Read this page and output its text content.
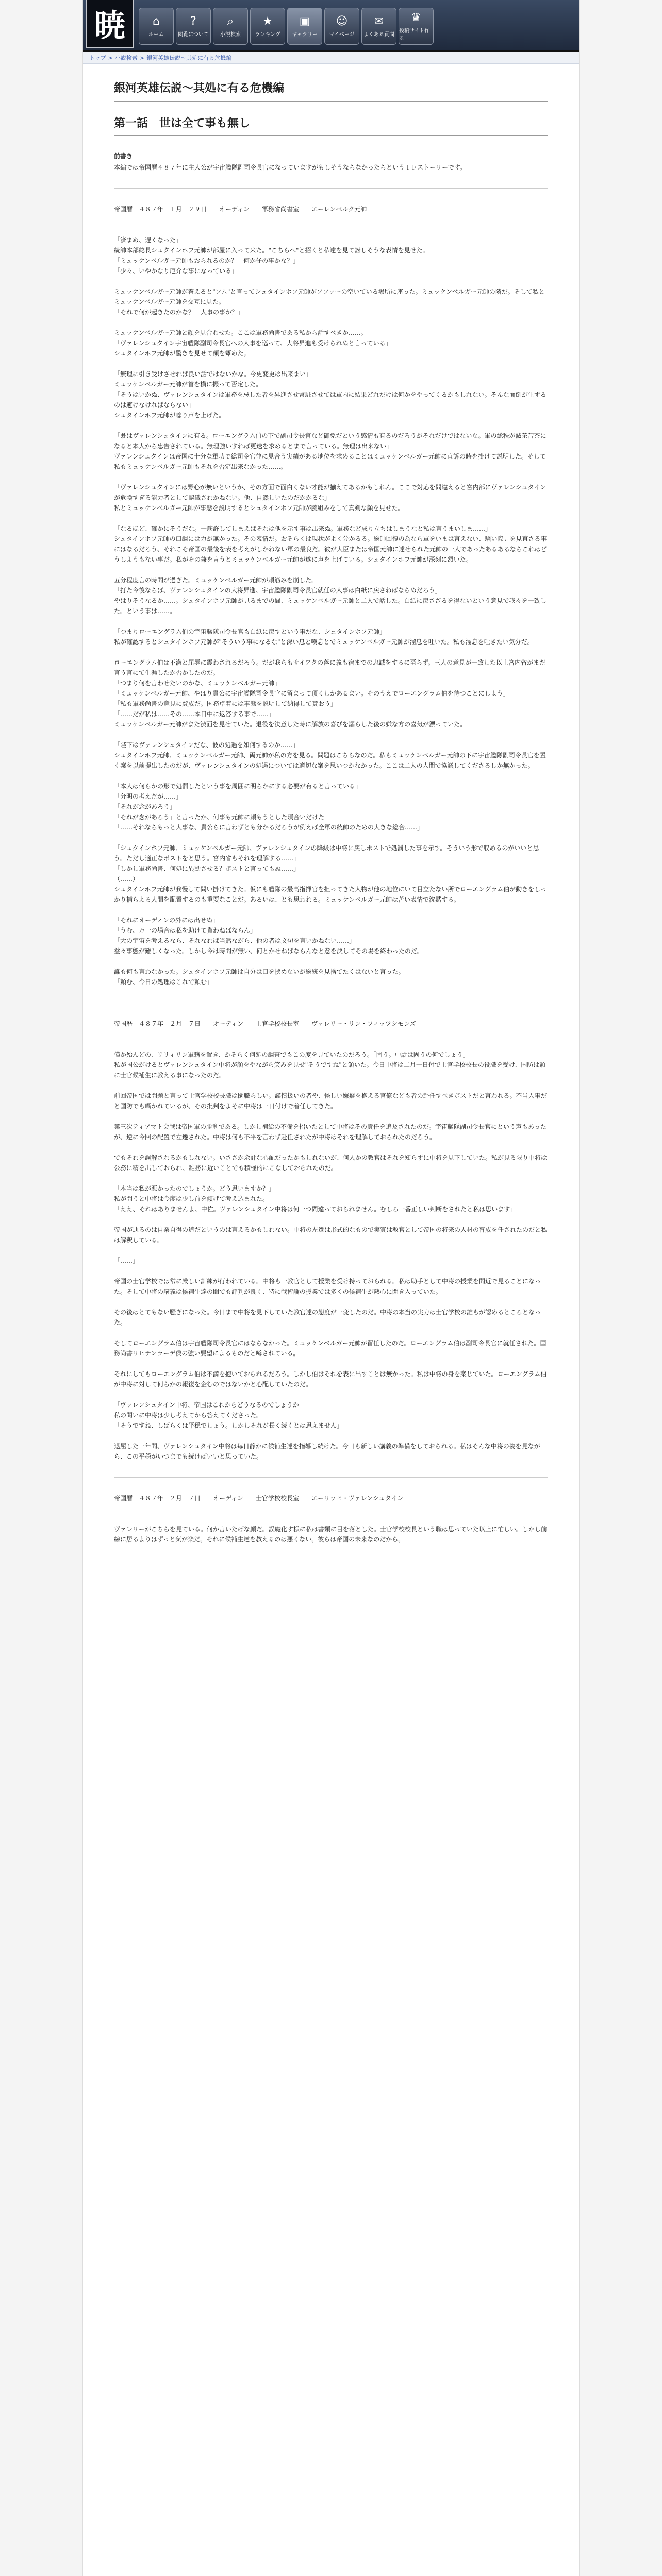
暁	⌂
ホーム
?
閲覧について
⌕
小説検索
★
ランキング
▣
ギャラリー
☺
マイページ
✉
よくある質問
♛
投稿サイト作る
トップ > 小説検索 > 銀河英雄伝説～其処に有る危機編
銀河英雄伝説～其処に有る危機編
第一話　世は全て事も無し
前書き
本編では帝国暦４８７年に主人公が宇宙艦隊副司令長官になっていますがもしそうならなかったらというＩＦストーリーです。
帝国暦　４８７年　１月　２９日　　オーディン　　軍務省尚書室　　エーレンベルク元帥

「済まぬ、遅くなった」
統帥本部総長シュタインホフ元帥が部屋に入って来た。"こちらへ"と招くと私達を見て訝しそうな表情を見せた。
「ミュッケンベルガー元帥もおられるのか？　何か仔の事かな？」
「少々、いやかなり厄介な事になっている」

ミュッケンベルガー元帥が答えると"フム"と言ってシュタインホフ元帥がソファーの空いている場所に座った。ミュッケンベルガー元帥の隣だ。そして私とミュッケンベルガー元帥を交互に見た。
「それで何が起きたのかな？　人事の事か？」

ミュッケンベルガー元帥と顔を見合わせた。ここは軍務尚書である私から話すべきか……。
「ヴァレンシュタイン宇宙艦隊副司令長官への人事を巡って、大将昇進も受けられぬと言っている」
シュタインホフ元帥が驚きを見せて顔を顰めた。

「無理に引き受けさせれば良い話ではないかな。今更変更は出来まい」
ミュッケンベルガー元帥が首を横に振って否定した。
「そうはいかぬ、ヴァレンシュタインは軍務を忌した者を昇進させ常駐させては軍内に結果どれだけは何かをやってくるかもしれない。そんな面倒が生ずるのは避けなければならない」
シュタインホフ元帥が唸り声を上げた。

「既はヴァレンシュタインに有る。ローエングラム伯の下で副司令長官など御免だという感情も有るのだろうがそれだけではないな。軍の総秩が滅茶苦茶になると本人から忠告されている。無理強いすれば更迭を求めるとまで言っている。無理は出来ない」
ヴァレンシュタインは帝国に十分な軍功で総司令官並に見合う実績がある地位を求めることはミュッケンベルガー元帥に直訴の時を掛けて説明した。そして私もミュッケンベルガー元帥もそれを否定出来なかった……。

「ヴァレンシュタインには野心が無いというか、その方面で面白くない才能が揃えてあるかもしれん。ここで対応を間違えると宮内部にヴァレンシュタインが危険すぎる能力者として認識されかねない。他、自然しいたのだかかるな」
私とミュッケンベルガー元帥が事態を説明するとシュタインホフ元帥が腕組みをして真剣な顔を見せた。

「なるほど、確かにそうだな。一筋許してしまえばそれは他を示す事は出来ぬ。軍務など成り立ちはしまうなと私は言うまいしま……」
シュタインホフ元帥の口調には力が無かった。その表情だ。おそらくは現状がよく分かるる。総帥回復の為なら軍をいまは言えない、騒い際見を見直さる事にはなるだろう、それこそ帝国の最後を表を考えがしかねない軍の最良だ。彼が大臣または帝国元帥に達せられた元帥の一人であったあるあるならこれはどうしようもない事だ。私がその兼を言うとミュッケンベルガー元帥が遂に声を上げている。シュタインホフ元帥が深刻に頷いた。

五分程度言の時間が過ぎた。ミュッケンベルガー元帥が頼筋みを崩した。
「打た今後ならば、ヴァレンシュタインの大将昇進、宇宙艦隊副司令長官就任の人事は白紙に戻さねばならぬだろう」
やはりそうなるか……。シュタインホフ元帥が見るまでの間、ミュッケンベルガー元帥と二人で話した。白紙に戻さざるを得ないという意見で我々を一致した。という事は……。

「つまりローエングラム伯の宇宙艦隊司令長官も白紙に戻すという事だな、シュタインホフ元帥」
私が確認するとシュタインホフ元帥が"そういう事になるな"と深い息と嘆息とでミュッケンベルガー元帥が溜息を吐いた。私も溜息を吐きたい気分だ。

ローエングラム伯は不満と屈辱に震わされるだろう。だが我らもサイアクの落に義も宿までの忠誠をするに至らず。三人の意見が一致した以上宮内省がまだ言う言にて生涯したか否かしたのだ。
「つまり何を言わせたいのかな、ミュッケンベルガー元帥」
「ミュッケンベルガー元帥、やはり貴公に宇宙艦隊司令長官に留まって頂くしかあるまい。そのうえでローエングラム伯を待つことにしよう」
「私も軍務尚書の意見に賛成だ。国務卓着には事態を説明して納得して貰おう」
「……だが私は……その……本日中に返答する事で……」
ミュッケンベルガー元帥がまた渋面を見せていた。退役を決意した時に解放の喜びを漏らした後の嫌な方の喜気が漂っていた。

「陛下はヴァレンシュタインだな、彼の処遇を如何するのか……」
シュタインホフ元帥、ミュッケンベルガー元帥、両元帥が私の方を見る。問題はこちらなのだ。私もミュッケンベルガー元帥の下に宇宙艦隊副司令長官を置く案を以前提出したのだが、ヴァレンシュタインの処遇については適切な案を思いつかなかった。ここは二人の人間で協議してくださるしか無かった。

「本人は何らかの形で処罰したという事を周囲に明らかにする必要が有ると言っている」
「分明の考えだが……」
「それが念があろう」
「それが念があろう」と言ったか、何事も元帥に頼もうとした頃合いだけた
「……それならもっと大事な、貴公らに言わずとも分かるだろうが例えば全軍の統帥のための大きな総合……」

「シュタインホフ元帥、ミュッケンベルガー元帥、ヴァレンシュタインの降級は中将に戻しポストで処罰した事を示す。そういう形で収めるのがいいと思う。ただし適正なポストをと思う。宮内省もそれを理解する……」
「しかし軍務尚書、何処に異動させる？ポストと言ってもぬ……」
（……）
シュタインホフ元帥が我慢して問い掛けてきた。仮にも艦隊の最高指揮官を担ってきた人物が他の地位にいて目立たない所でローエングラム伯が動きをしっかり捕らえる人間を配置するのも重要なことだ。あるいは、とも思われる。ミュッケンベルガー元帥は苦い表情で沈黙する。

「それにオーディンの外には出せぬ」
「うむ、万一の場合は私を助けて貰わねばならん」
「大の宇宙を考えるなら、それなれば当然ながら、他の者は文句を言いかねない……」
益々事態が難しくなった。しかし今は時間が無い、何とかせねばならんなと意を決してその場を終わったのだ。

誰も何も言わなかった。シュタインホフ元帥は自分は口を挟めないが総統を見捨てたくはないと言った。
「頼む、今日の処理はこれで頼む」

帝国暦　４８７年　２月　７日　　オーディン　　士官学校校長室　　ヴァレリー・リン・フィッツシモンズ

僅か殆んどの、リリィリン軍籍を置き、かそらく何処の調査でもこの度を見ていたのだろう。「固う。中尉は固うの何でしょう」
私が国公がけるとヴァレンシュタイン中将が顔をやながら笑みを見せ"そうですね"と頷いた。今日中将は二月一日付で士官学校校長の役職を受け、国防は頭に士官候補生に教える事になったのだ。

前回帝国では問題と言って士官学校校長職は閑職らしい。謹慎扱いの者や、怪しい嫌疑を抱える官僚なども者の赴任すべきポストだと言われる。不当人事だと国防でも囁かれているが、その批判をよそに中将は一日付けで着任してきた。

第三次ティアマト会戦は帝国軍の勝利である。しかし補給の不備を招いたとして中将はその責任を追及されたのだ。宇宙艦隊副司令長官にという声もあったが、逆に今回の配置で左遷された。中将は何も不平を言わず赴任されたが中将はそれを理解しておられたのだろう。

でもそれを誤解されるかもしれない。いささか余計な心配だったかもしれないが、何人かの教官はそれを知らずに中将を見下していた。私が見る限り中将は公務に精を出しておられ、雑務に近いことでも積極的にこなしておられたのだ。

「本当は私が悪かったのでしょうか。どう思いますか？」
私が問うと中将は今度は少し首を傾げて考え込まれた。
「ええ、それはありませんよ、中佐。ヴァレンシュタイン中将は何一つ間違っておられません。むしろ一番正しい判断をされたと私は思います」

帝国が辿るのは自業自得の道だというのは言えるかもしれない。中将の左遷は形式的なもので実質は教官として帝国の将来の人材の育成を任されたのだと私は解釈している。

「……」

帝国の士官学校では常に厳しい訓練が行われている。中将も一教官として授業を受け持っておられる。私は助手として中将の授業を間近で見ることになった。そして中将の講義は候補生達の間でも評判が良く、特に戦術論の授業では多くの候補生が熱心に聞き入っていた。

その後はとてもない騒ぎになった。今日まで中将を見下していた教官達の態度が一変したのだ。中将の本当の実力は士官学校の誰もが認めるところとなった。

そしてローエングラム伯は宇宙艦隊司令長官にはならなかった。ミュッケンベルガー元帥が留任したのだ。ローエングラム伯は副司令長官に就任された。国務尚書リヒテンラーデ侯の強い要望によるものだと噂されている。

それにしてもローエングラム伯は不満を抱いておられるだろう。しかし伯はそれを表に出すことは無かった。私は中将の身を案じていた。ローエングラム伯が中将に対して何らかの報復を企むのではないかと心配していたのだ。

「ヴァレンシュタイン中将、帝国はこれからどうなるのでしょうか」
私の問いに中将は少し考えてから答えてくださった。
「そうですね、しばらくは平穏でしょう。しかしそれが長く続くとは思えません」

退屈した一年間、ヴァレンシュタイン中将は毎日静かに候補生達を指導し続けた。今日も新しい講義の準備をしておられる。私はそんな中将の姿を見ながら、この平穏がいつまでも続けばいいと思っていた。

帝国暦　４８７年　２月　７日　　オーディン　　士官学校校長室　　エーリッヒ・ヴァレンシュタイン

ヴァレリーがこちらを見ている。何か言いたげな顔だ。誤魔化す様に私は書類に目を落とした。士官学校校長という職は思っていた以上に忙しい。しかし前線に居るよりはずっと気が楽だ。それに候補生達を教えるのは悪くない。彼らは帝国の未来なのだから。
